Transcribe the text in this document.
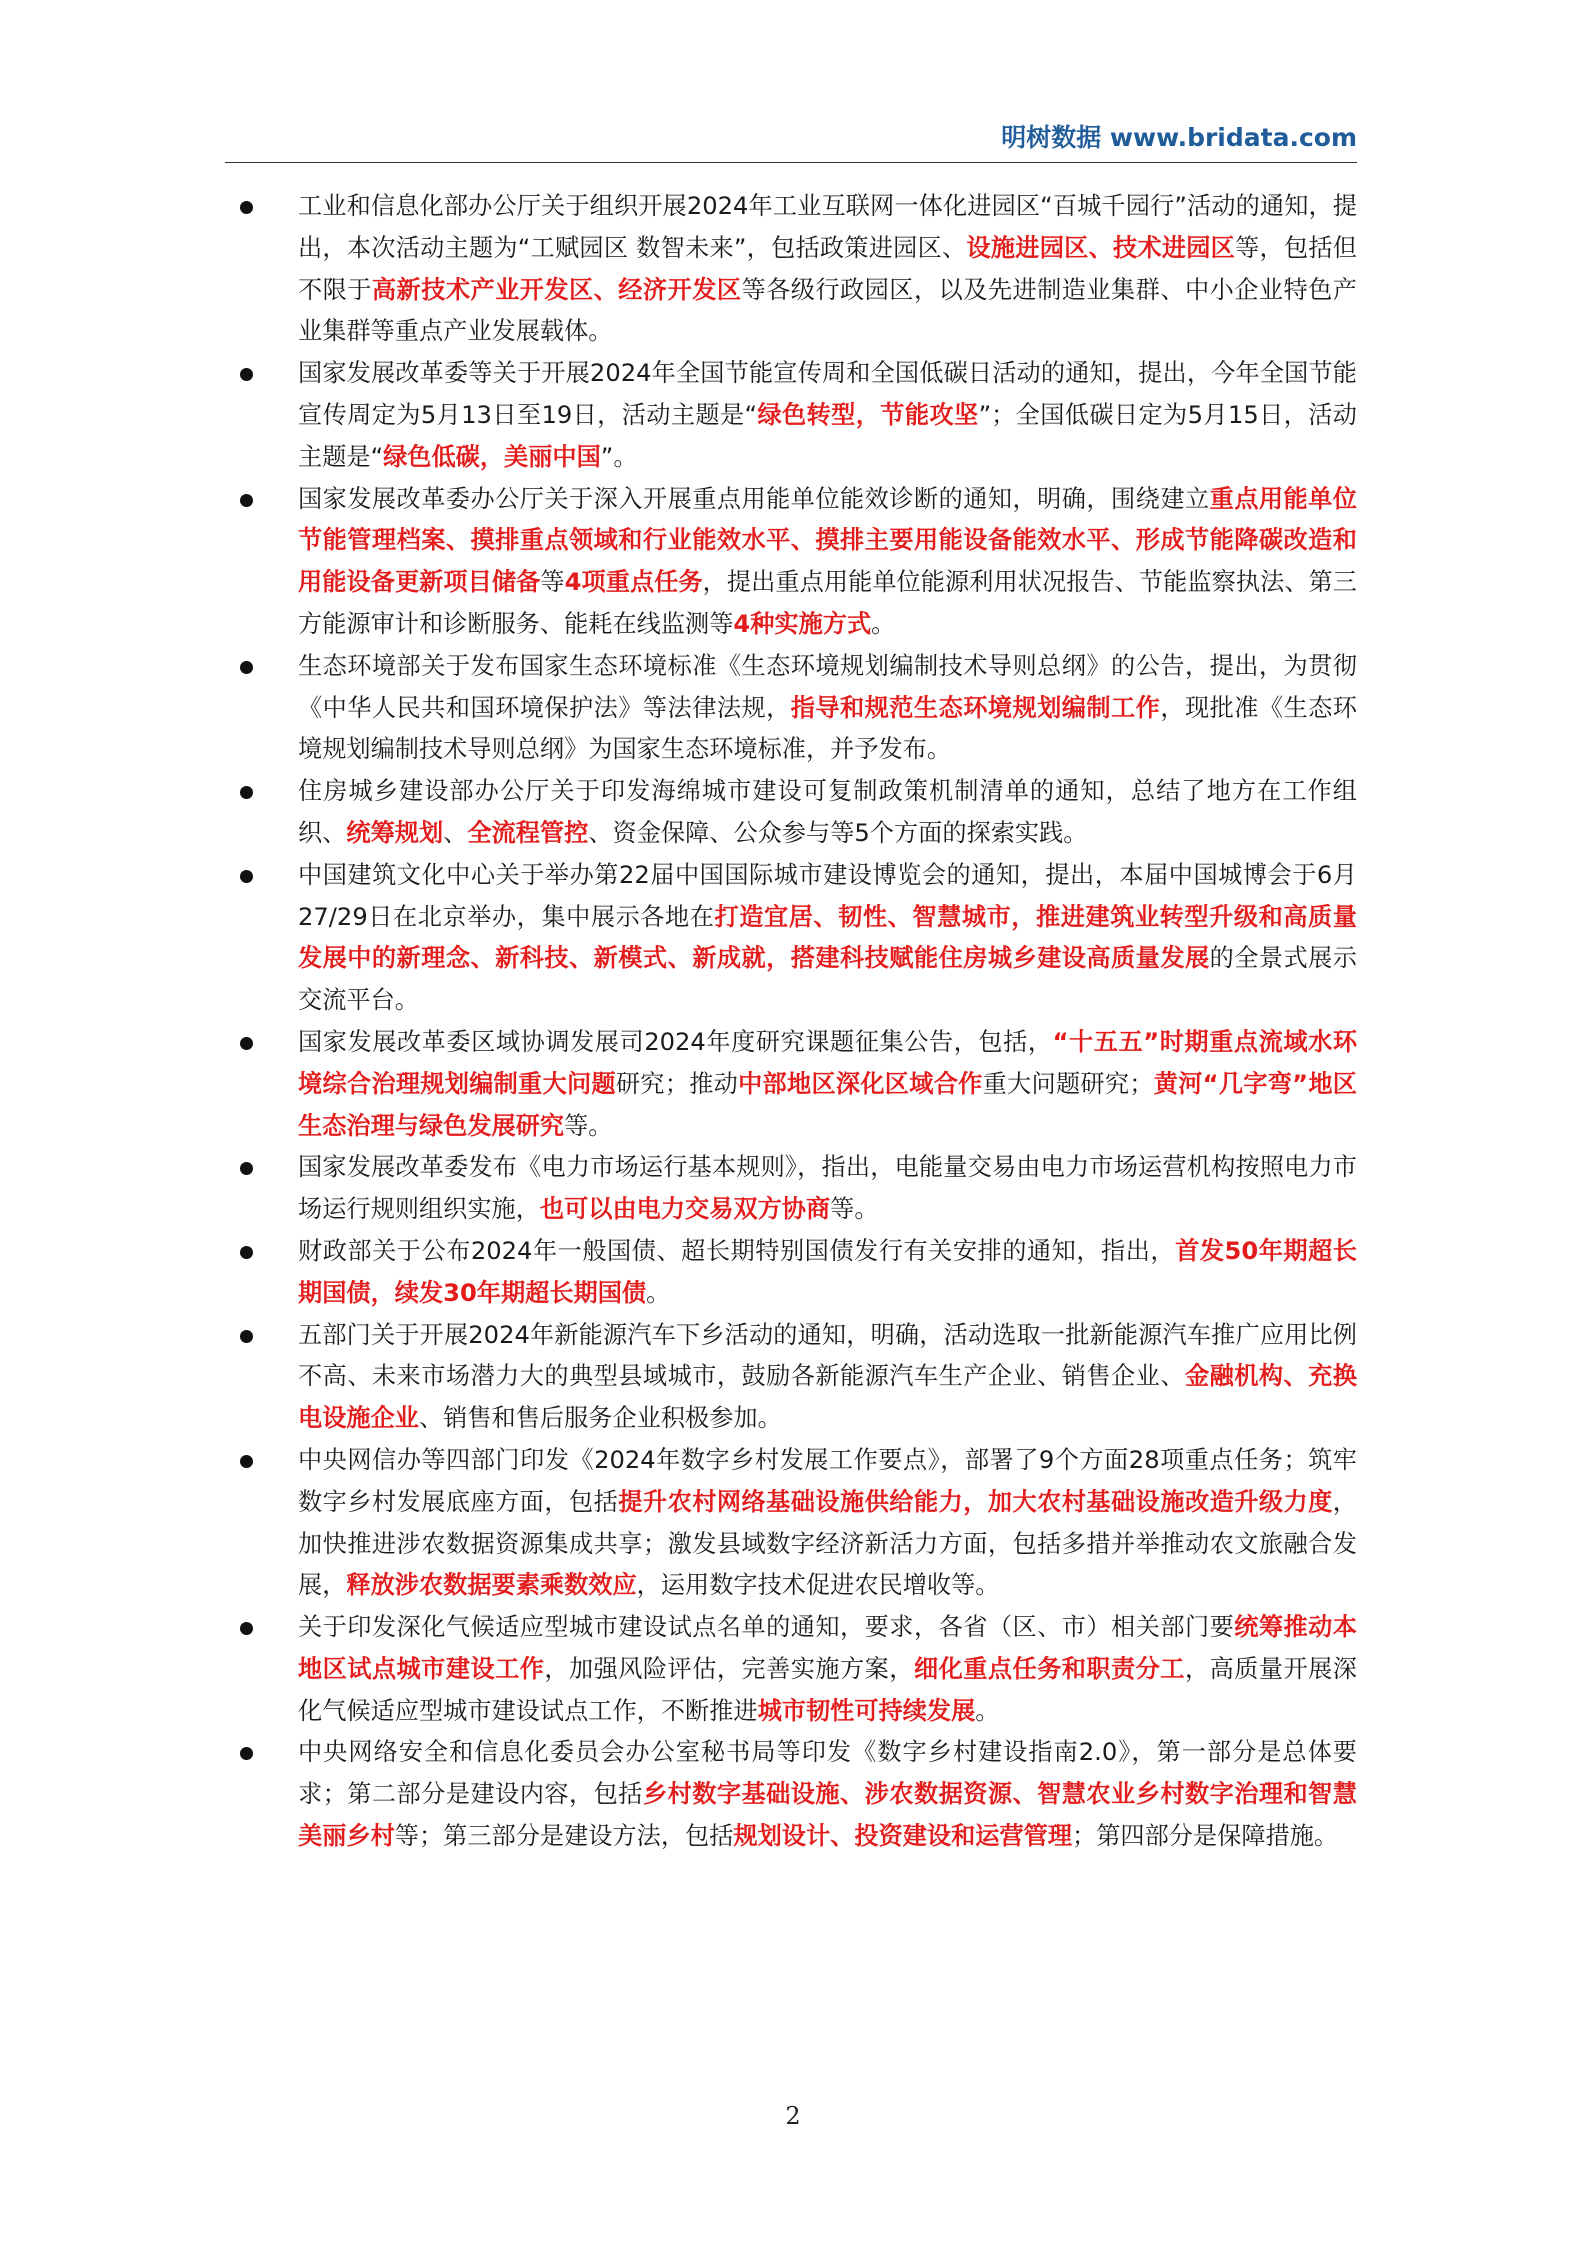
明树数据 www.bridata.com
工业和信息化部办公厅关于组织开展2024年工业互联网一体化进园区“百城千园行”活动的通知，提出，本次活动主题为“工赋园区 数智未来”，包括政策进园区、设施进园区、技术进园区等，包括但不限于高新技术产业开发区、经济开发区等各级行政园区，以及先进制造业集群、中小企业特色产业集群等重点产业发展载体。
国家发展改革委等关于开展2024年全国节能宣传周和全国低碳日活动的通知，提出，今年全国节能宣传周定为5月13日至19日，活动主题是“绿色转型，节能攻坚”；全国低碳日定为5月15日，活动主题是“绿色低碳，美丽中国”。
国家发展改革委办公厅关于深入开展重点用能单位能效诊断的通知，明确，围绕建立重点用能单位节能管理档案、摸排重点领域和行业能效水平、摸排主要用能设备能效水平、形成节能降碳改造和用能设备更新项目储备等4项重点任务，提出重点用能单位能源利用状况报告、节能监察执法、第三方能源审计和诊断服务、能耗在线监测等4种实施方式。
生态环境部关于发布国家生态环境标准《生态环境规划编制技术导则总纲》的公告，提出，为贯彻《中华人民共和国环境保护法》等法律法规，指导和规范生态环境规划编制工作，现批准《生态环境规划编制技术导则总纲》为国家生态环境标准，并予发布。
住房城乡建设部办公厅关于印发海绵城市建设可复制政策机制清单的通知，总结了地方在工作组织、统筹规划、全流程管控、资金保障、公众参与等5个方面的探索实践。
中国建筑文化中心关于举办第22届中国国际城市建设博览会的通知，提出，本届中国城博会于6月27/29日在北京举办，集中展示各地在打造宜居、韧性、智慧城市，推进建筑业转型升级和高质量发展中的新理念、新科技、新模式、新成就，搭建科技赋能住房城乡建设高质量发展的全景式展示交流平台。
国家发展改革委区域协调发展司2024年度研究课题征集公告，包括，“十五五”时期重点流域水环境综合治理规划编制重大问题研究；推动中部地区深化区域合作重大问题研究；黄河“几字弯”地区生态治理与绿色发展研究等。
国家发展改革委发布《电力市场运行基本规则》，指出，电能量交易由电力市场运营机构按照电力市场运行规则组织实施，也可以由电力交易双方协商等。
财政部关于公布2024年一般国债、超长期特别国债发行有关安排的通知，指出，首发50年期超长期国债，续发30年期超长期国债。
五部门关于开展2024年新能源汽车下乡活动的通知，明确，活动选取一批新能源汽车推广应用比例不高、未来市场潜力大的典型县域城市，鼓励各新能源汽车生产企业、销售企业、金融机构、充换电设施企业、销售和售后服务企业积极参加。
中央网信办等四部门印发《2024年数字乡村发展工作要点》，部署了9个方面28项重点任务；筑牢数字乡村发展底座方面，包括提升农村网络基础设施供给能力，加大农村基础设施改造升级力度，加快推进涉农数据资源集成共享；激发县域数字经济新活力方面，包括多措并举推动农文旅融合发展，释放涉农数据要素乘数效应，运用数字技术促进农民增收等。
关于印发深化气候适应型城市建设试点名单的通知，要求，各省（区、市）相关部门要统筹推动本地区试点城市建设工作，加强风险评估，完善实施方案，细化重点任务和职责分工，高质量开展深化气候适应型城市建设试点工作，不断推进城市韧性可持续发展。
中央网络安全和信息化委员会办公室秘书局等印发《数字乡村建设指南2.0》，第一部分是总体要求；第二部分是建设内容，包括乡村数字基础设施、涉农数据资源、智慧农业乡村数字治理和智慧美丽乡村等；第三部分是建设方法，包括规划设计、投资建设和运营管理；第四部分是保障措施。
2
